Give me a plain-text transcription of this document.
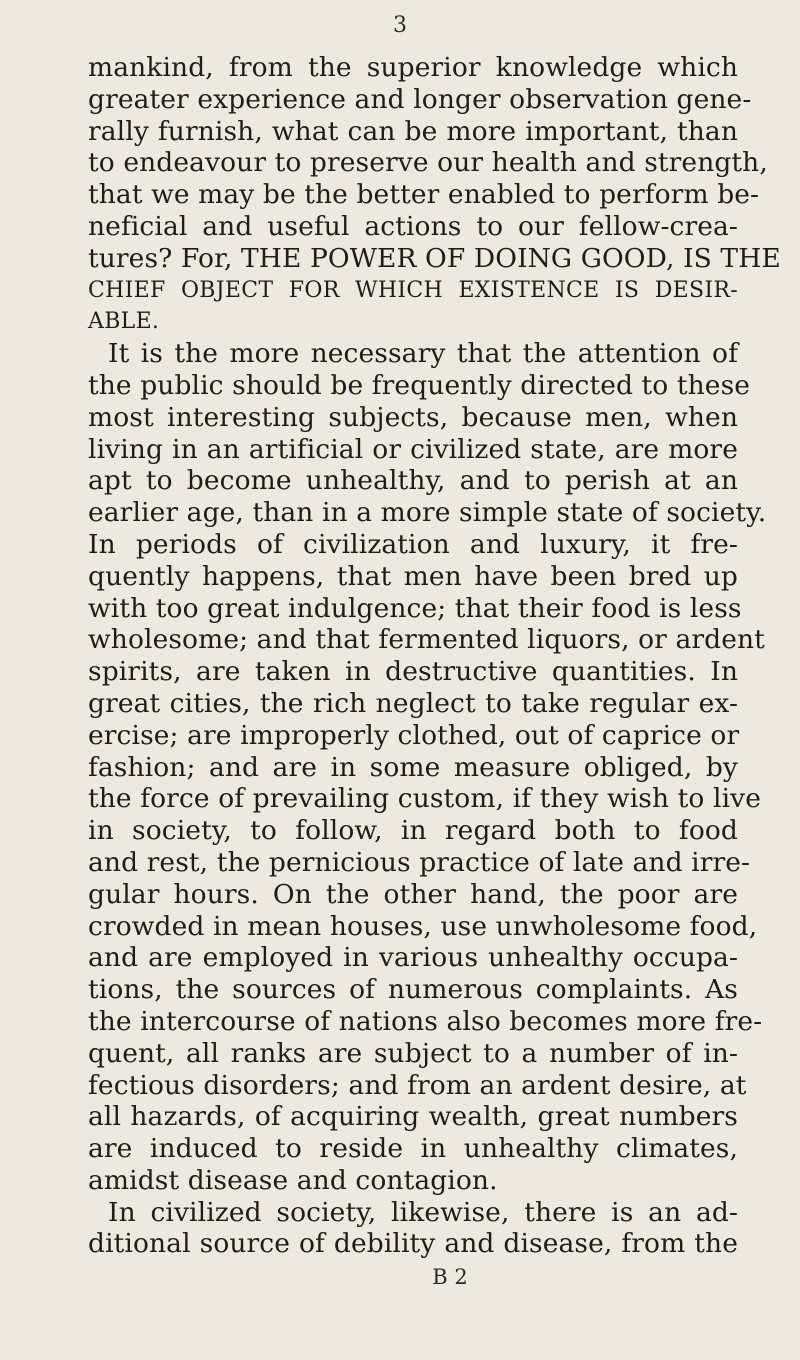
3
mankind, from the superior knowledge which
greater experience and longer observation gene-
rally furnish, what can be more important, than
to endeavour to preserve our health and strength,
that we may be the better enabled to perform be-
neficial and useful actions to our fellow-crea-
tures? For, THE POWER OF DOING GOOD, IS THE
CHIEF OBJECT FOR WHICH EXISTENCE IS DESIR-
ABLE.
It is the more necessary that the attention of
the public should be frequently directed to these
most interesting subjects, because men, when
living in an artificial or civilized state, are more
apt to become unhealthy, and to perish at an
earlier age, than in a more simple state of society.
In periods of civilization and luxury, it fre-
quently happens, that men have been bred up
with too great indulgence; that their food is less
wholesome; and that fermented liquors, or ardent
spirits, are taken in destructive quantities. In
great cities, the rich neglect to take regular ex-
ercise; are improperly clothed, out of caprice or
fashion; and are in some measure obliged, by
the force of prevailing custom, if they wish to live
in society, to follow, in regard both to food
and rest, the pernicious practice of late and irre-
gular hours. On the other hand, the poor are
crowded in mean houses, use unwholesome food,
and are employed in various unhealthy occupa-
tions, the sources of numerous complaints. As
the intercourse of nations also becomes more fre-
quent, all ranks are subject to a number of in-
fectious disorders; and from an ardent desire, at
all hazards, of acquiring wealth, great numbers
are induced to reside in unhealthy climates,
amidst disease and contagion.
In civilized society, likewise, there is an ad-
ditional source of debility and disease, from the
B 2
